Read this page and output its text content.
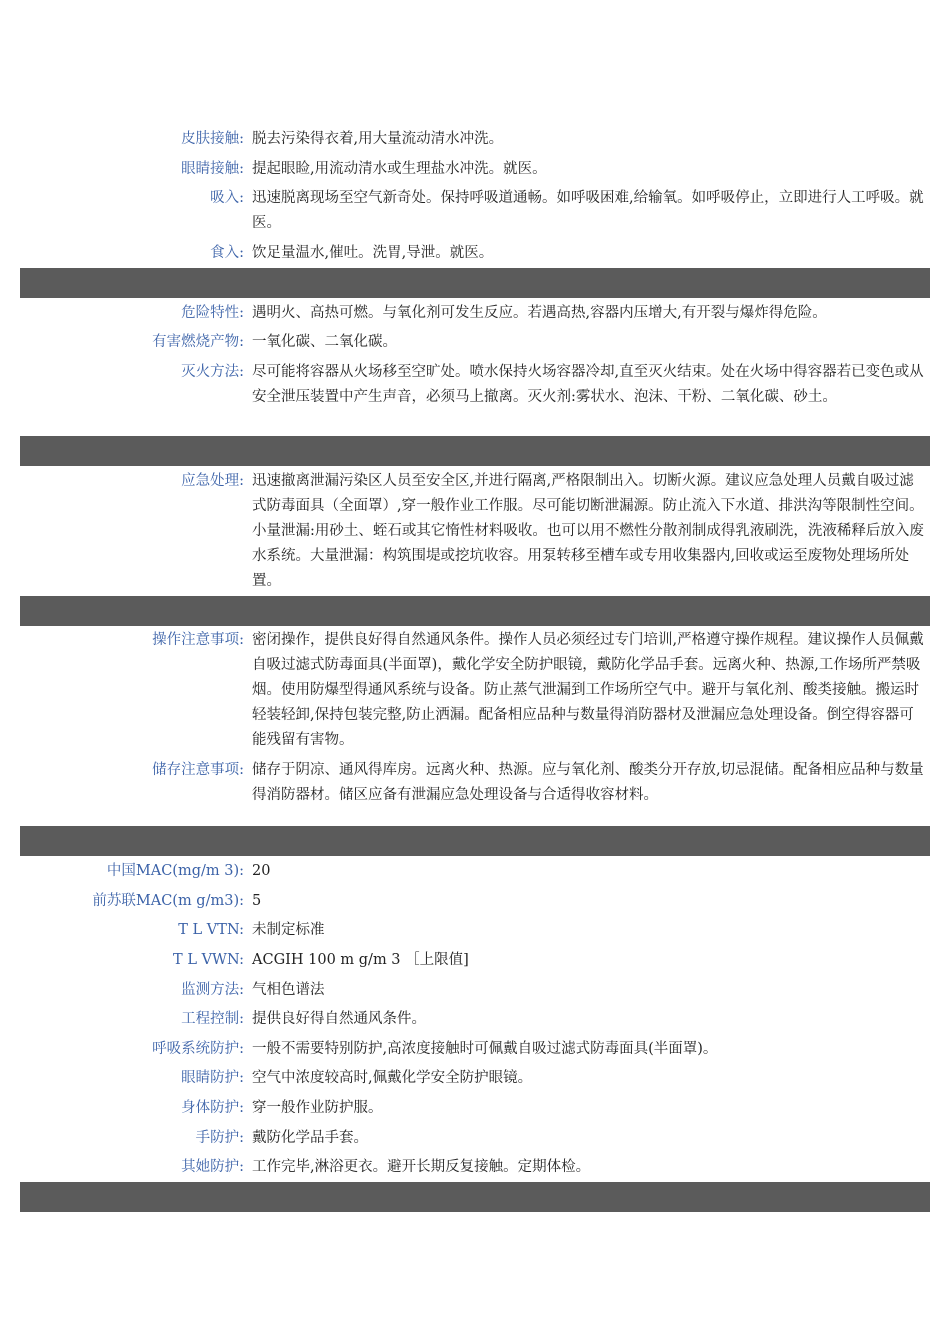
皮肤接触: 脱去污染得衣着,用大量流动清水冲洗。
眼睛接触: 提起眼睑,用流动清水或生理盐水冲洗。就医。
吸入: 迅速脱离现场至空气新奇处。保持呼吸道通畅。如呼吸困难,给输氧。如呼吸停止，立即进行人工呼吸。就医。
食入: 饮足量温水,催吐。洗胃,导泄。就医。
危险特性: 遇明火、高热可燃。与氧化剂可发生反应。若遇高热,容器内压增大,有开裂与爆炸得危险。
有害燃烧产物: 一氧化碳、二氧化碳。
灭火方法: 尽可能将容器从火场移至空旷处。喷水保持火场容器冷却,直至灭火结束。处在火场中得容器若已变色或从安全泄压装置中产生声音，必须马上撤离。灭火剂:雾状水、泡沫、干粉、二氧化碳、砂土。
应急处理: 迅速撤离泄漏污染区人员至安全区,并进行隔离,严格限制出入。切断火源。建议应急处理人员戴自吸过滤式防毒面具（全面罩）,穿一般作业工作服。尽可能切断泄漏源。防止流入下水道、排洪沟等限制性空间。小量泄漏:用砂土、蛭石或其它惰性材料吸收。也可以用不燃性分散剂制成得乳液刷洗，洗液稀释后放入废水系统。大量泄漏：构筑围堤或挖坑收容。用泵转移至槽车或专用收集器内,回收或运至废物处理场所处置。
操作注意事项: 密闭操作，提供良好得自然通风条件。操作人员必须经过专门培训,严格遵守操作规程。建议操作人员佩戴自吸过滤式防毒面具(半面罩)，戴化学安全防护眼镜，戴防化学品手套。远离火种、热源,工作场所严禁吸烟。使用防爆型得通风系统与设备。防止蒸气泄漏到工作场所空气中。避开与氧化剂、酸类接触。搬运时轻装轻卸,保持包装完整,防止洒漏。配备相应品种与数量得消防器材及泄漏应急处理设备。倒空得容器可能残留有害物。
储存注意事项: 储存于阴凉、通风得库房。远离火种、热源。应与氧化剂、酸类分开存放,切忌混储。配备相应品种与数量得消防器材。储区应备有泄漏应急处理设备与合适得收容材料。
中国MAC(mg/m 3): 20
前苏联MAC(m g/m3): 5
T L VTN: 未制定标准
T L VWN: ACGIH 100 m g/m 3 ［上限值]
监测方法: 气相色谱法
工程控制: 提供良好得自然通风条件。
呼吸系统防护: 一般不需要特别防护,高浓度接触时可佩戴自吸过滤式防毒面具(半面罩)。
眼睛防护: 空气中浓度较高时,佩戴化学安全防护眼镜。
身体防护: 穿一般作业防护服。
手防护: 戴防化学品手套。
其她防护: 工作完毕,淋浴更衣。避开长期反复接触。定期体检。
